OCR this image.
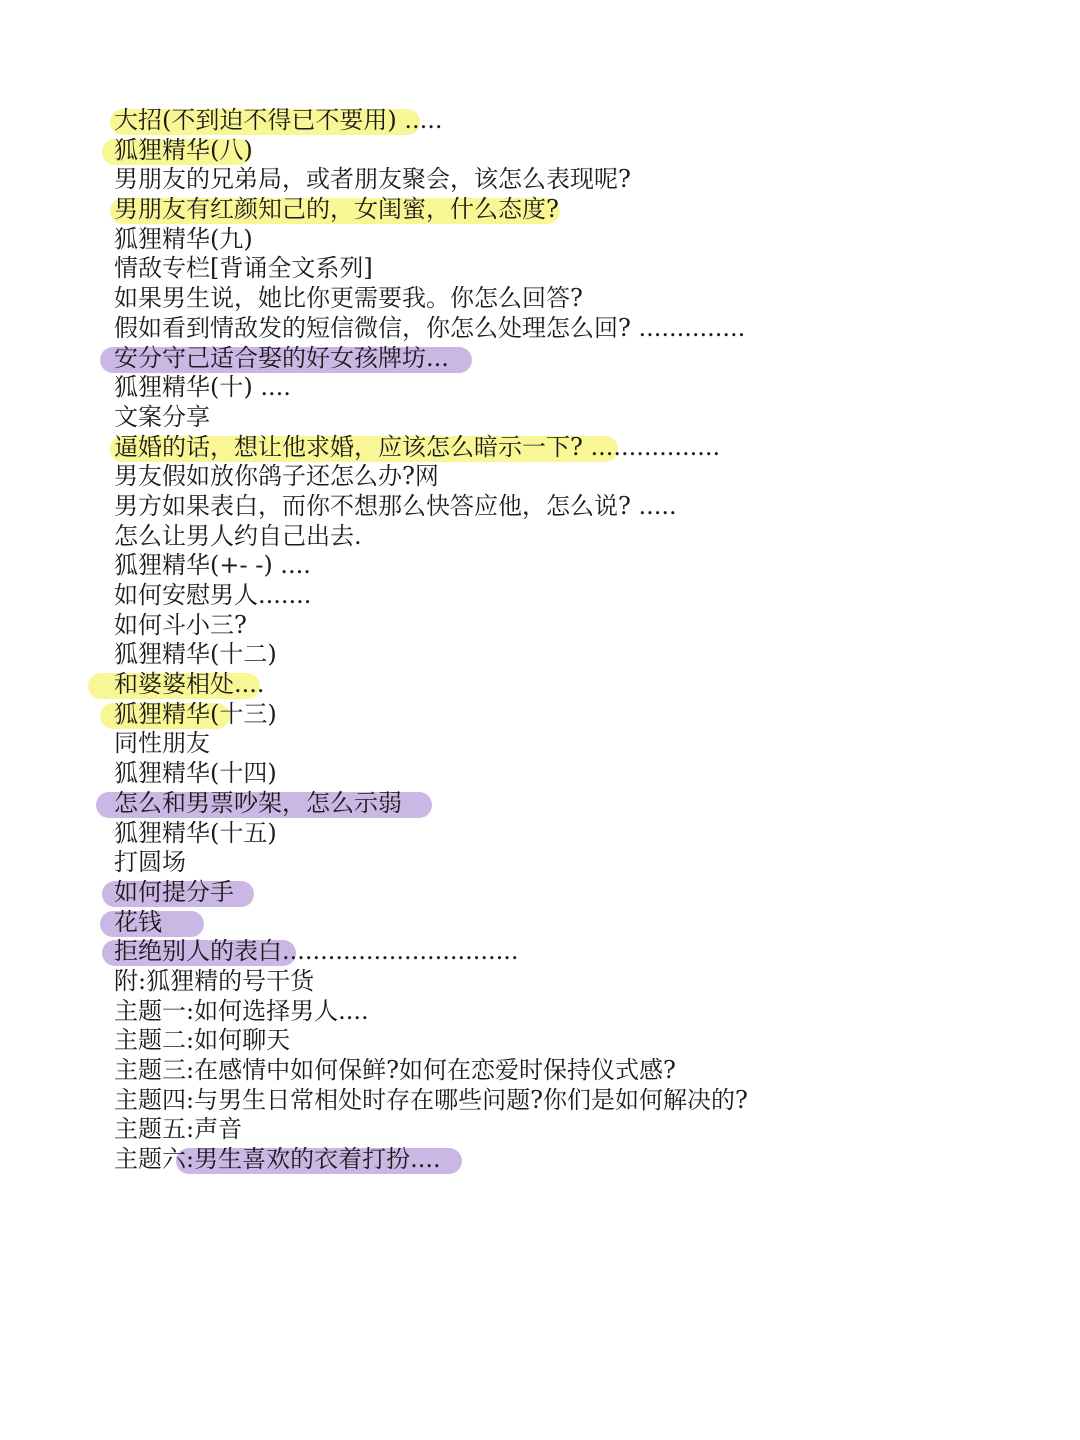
大招(不到迫不得已不要用) .....
狐狸精华(八)
男朋友的兄弟局，或者朋友聚会，该怎么表现呢?
男朋友有红颜知己的，女闺蜜，什么态度?
狐狸精华(九)
情敌专栏[背诵全文系列]
如果男生说，她比你更需要我。你怎么回答?
假如看到情敌发的短信微信，你怎么处理怎么回? ..............
安分守己适合娶的好女孩牌坊...
狐狸精华(十) ....
文案分享
逼婚的话，想让他求婚，应该怎么暗示一下? .................
男友假如放你鸽子还怎么办?网
男方如果表白，而你不想那么快答应他，怎么说? .....
怎么让男人约自己出去.
狐狸精华(+- -) ....
如何安慰男人.......
如何斗小三?
狐狸精华(十二)
和婆婆相处....
狐狸精华(十三)
同性朋友
狐狸精华(十四)
怎么和男票吵架，怎么示弱
狐狸精华(十五)
打圆场
如何提分手
花钱
拒绝别人的表白...............................
附:狐狸精的号干货
主题一:如何选择男人....
主题二:如何聊天
主题三:在感情中如何保鲜?如何在恋爱时保持仪式感?
主题四:与男生日常相处时存在哪些问题?你们是如何解决的?
主题五:声音
主题六:男生喜欢的衣着打扮....
